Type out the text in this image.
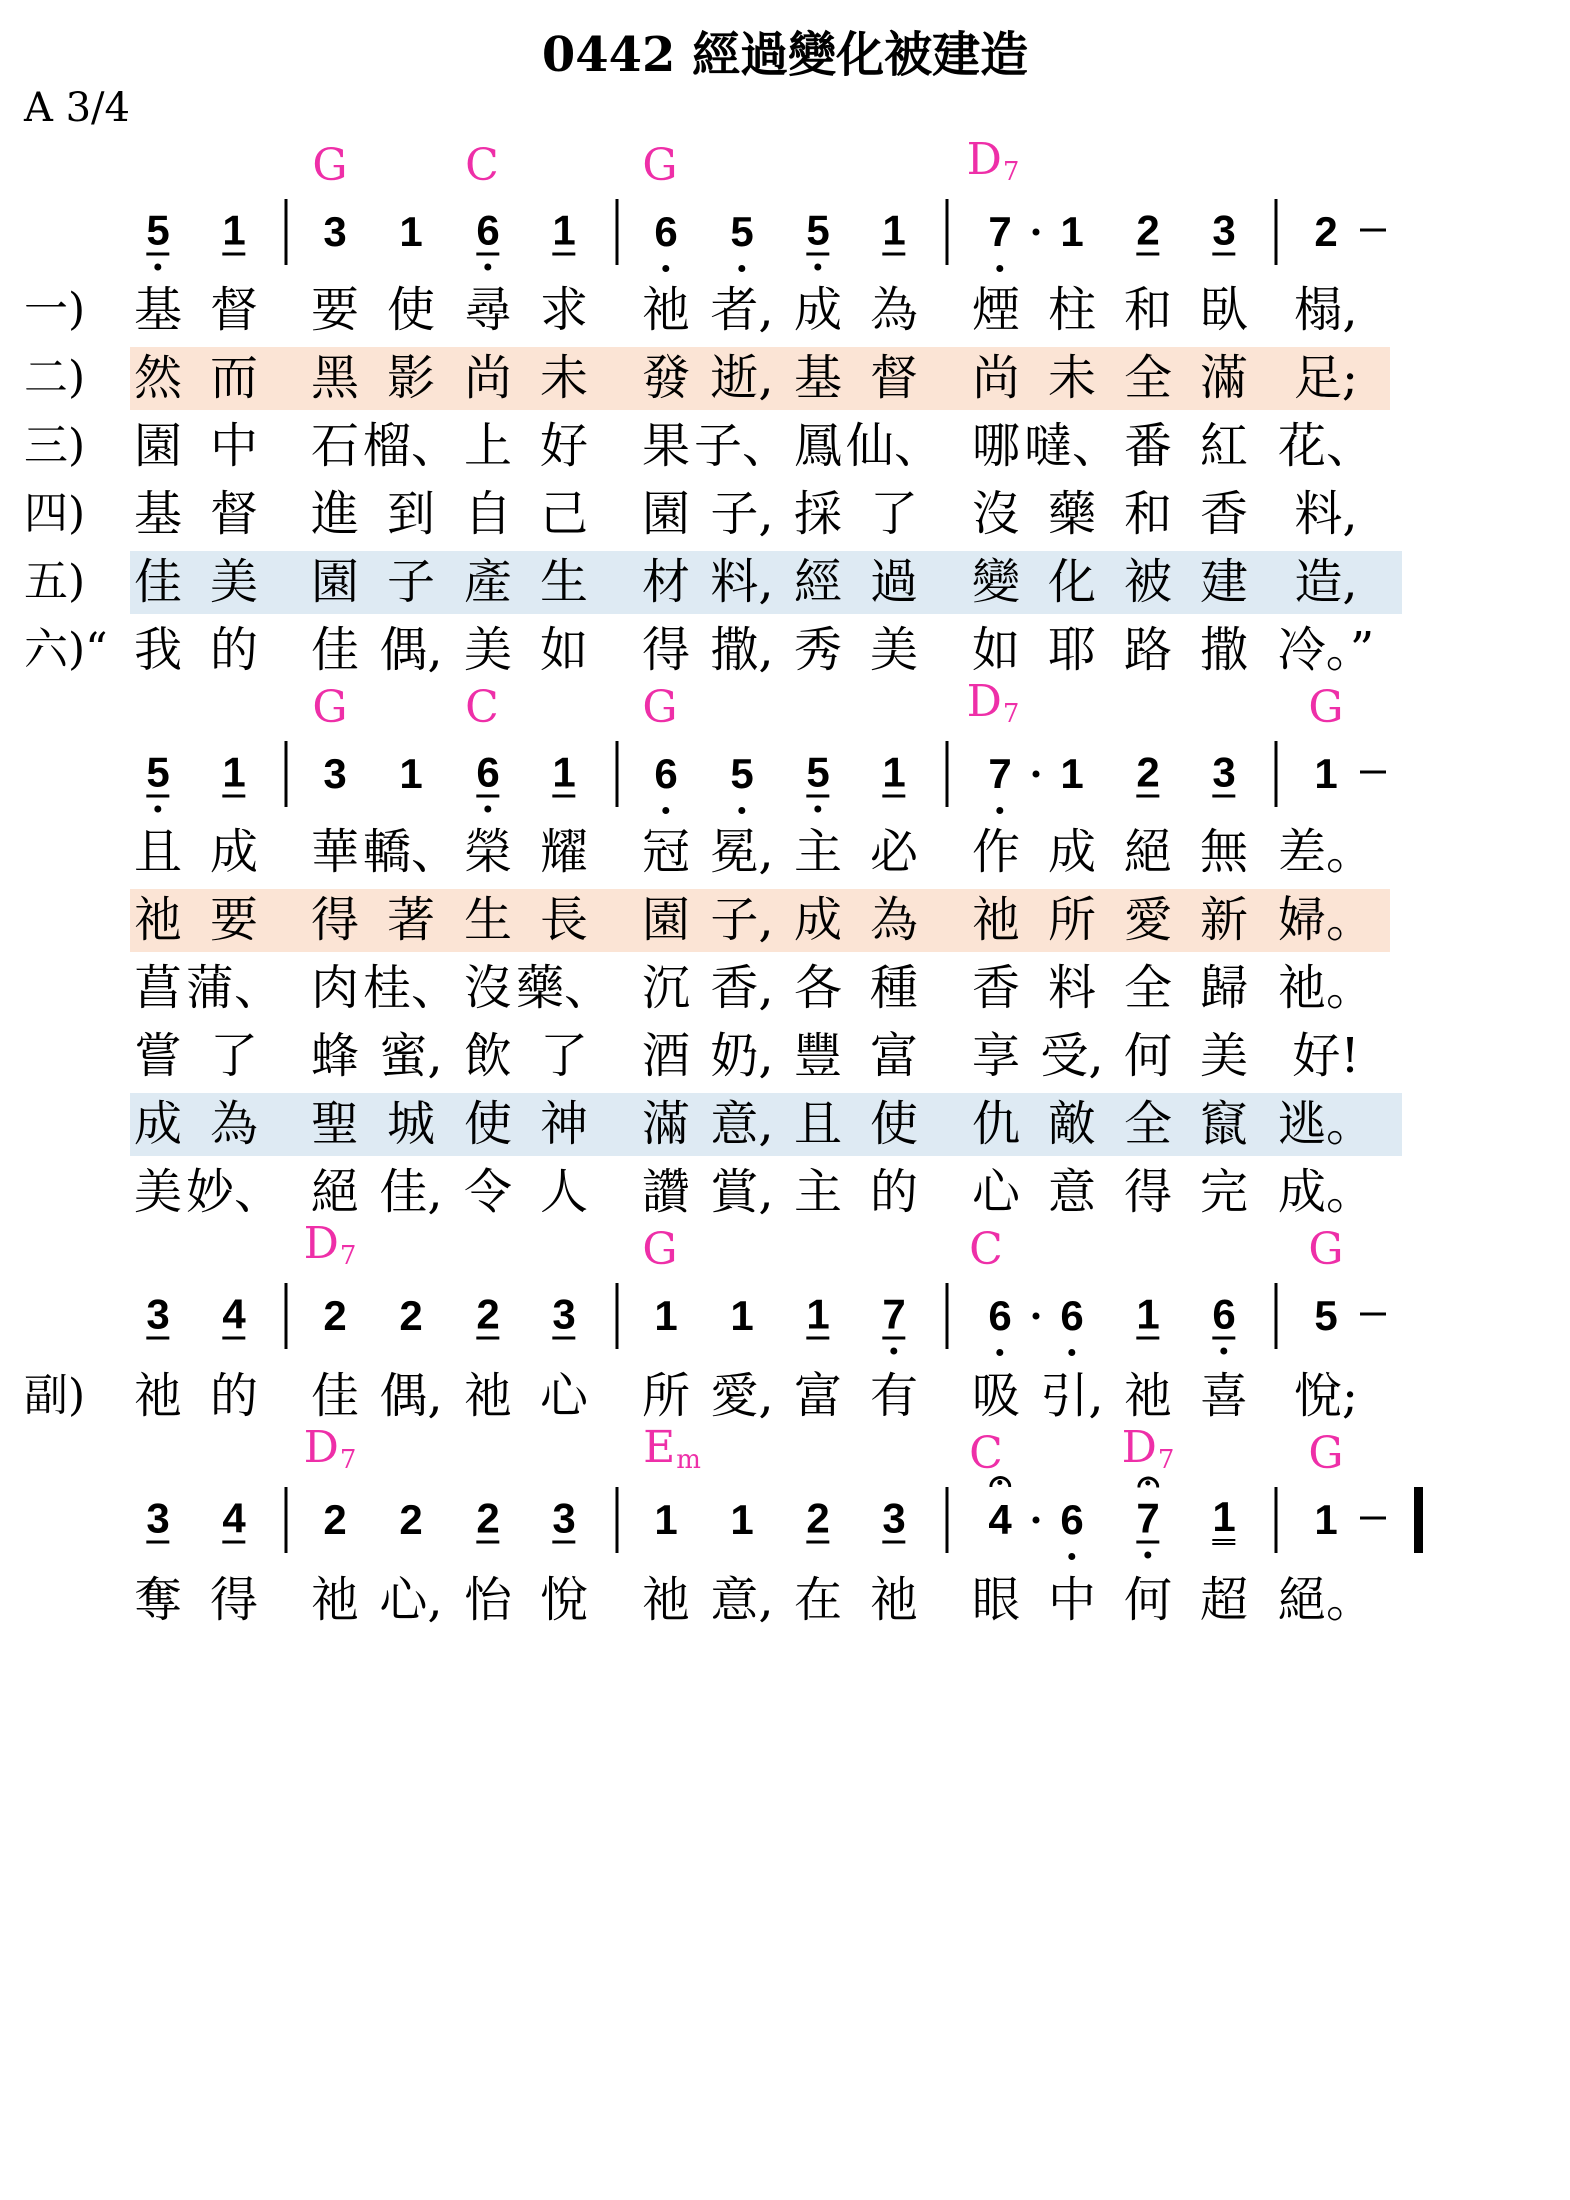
0442 經過變化被建造
A 3/4
G	C	G	$D_7$
5 1 3 1 6 1 6 5 5 1 7 1 2 3 2
一) 基 督 要 使 尋 求 祂 者, 成 為 煙 柱 和 臥 榻,
二) 然 而 黑 影 尚 未 發 逝, 基 督 尚 未 全 滿 足;
三) 園 中 石 榴、 上 好 果 子、 鳳 仙、 哪 噠、 番 紅 花、
四) 基 督 進 到 自 己 園 子, 採 了 沒 藥 和 香 料,
五) 佳 美 園 子 產 生 材 料, 經 過 變 化 被 建 造,
六)“ 我 的 佳 偶, 美 如 得 撒, 秀 美 如 耶 路 撒 冷。”
G	C	G	$D_7$	G
5 1 3 1 6 1 6 5 5 1 7 1 2 3 1
且 成 華 轎、 榮 耀 冠 冕, 主 必 作 成 絕 無 差。
祂 要 得 著 生 長 園 子, 成 為 祂 所 愛 新 婦。
菖 蒲、 肉 桂、 沒 藥、 沉 香, 各 種 香 料 全 歸 祂。
嘗 了 蜂 蜜, 飲 了 酒 奶, 豐 富 享 受, 何 美 好!
成 為 聖 城 使 神 滿 意, 且 使 仇 敵 全 竄 逃。
美 妙、 絕 佳, 令 人 讚 賞, 主 的 心 意 得 完 成。
$D_7$	G	C	G
3 4 2 2 2 3 1 1 1 7 6 6 1 6 5
副) 祂 的 佳 偶, 祂 心 所 愛, 富 有 吸 引, 祂 喜 悅;
$D_7$	$E_m$	C	$D_7$	G
3 4 2 2 2 3 1 1 2 3 4 6 7 1 1
奪 得 祂 心, 怡 悅 祂 意, 在 祂 眼 中 何 超 絕。
